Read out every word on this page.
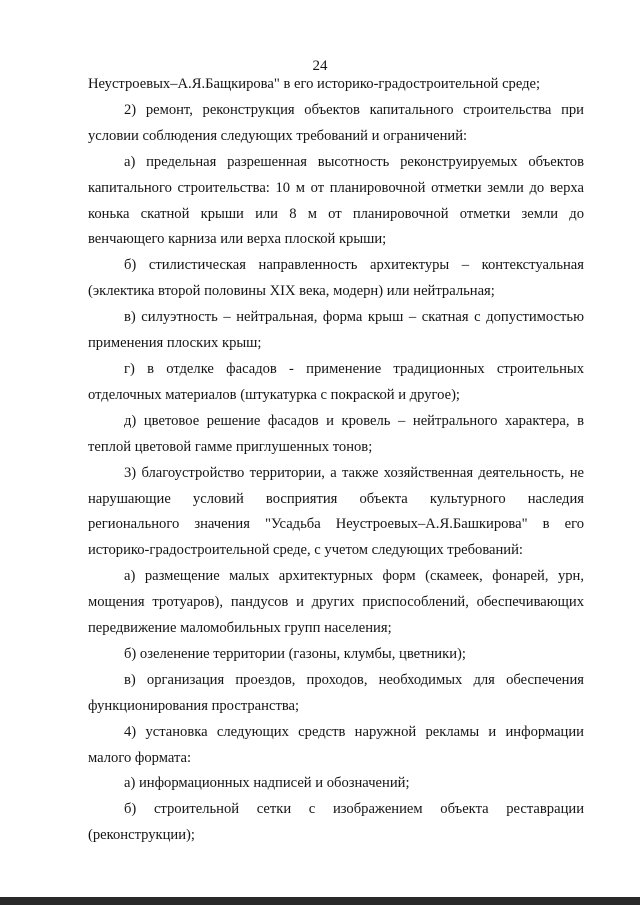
24

Неустроевых–А.Я.Бащкирова" в его историко-градостроительной среде;

2) ремонт, реконструкция объектов капитального строительства при условии соблюдения следующих требований и ограничений:

а) предельная разрешенная высотность реконструируемых объектов капитального строительства: 10 м от планировочной отметки земли до верха конька скатной крыши или 8 м от планировочной отметки земли до венчающего карниза или верха плоской крыши;

б) стилистическая направленность архитектуры – контекстуальная (эклектика второй половины XIX века, модерн) или нейтральная;

в) силуэтность – нейтральная, форма крыш – скатная с допустимостью применения плоских крыш;

г) в отделке фасадов - применение традиционных строительных отделочных материалов (штукатурка с покраской и другое);

д) цветовое решение фасадов и кровель – нейтрального характера, в теплой цветовой гамме приглушенных тонов;

3) благоустройство территории, а также хозяйственная деятельность, не нарушающие условий восприятия объекта культурного наследия регионального значения "Усадьба Неустроевых–А.Я.Башкирова" в его историко-градостроительной среде, с учетом следующих требований:

а) размещение малых архитектурных форм (скамеек, фонарей, урн, мощения тротуаров), пандусов и других приспособлений, обеспечивающих передвижение маломобильных групп населения;

б) озеленение территории (газоны, клумбы, цветники);

в) организация проездов, проходов, необходимых для обеспечения функционирования пространства;

4) установка следующих средств наружной рекламы и информации малого формата:

а) информационных надписей и обозначений;

б) строительной сетки с изображением объекта реставрации (реконструкции);
